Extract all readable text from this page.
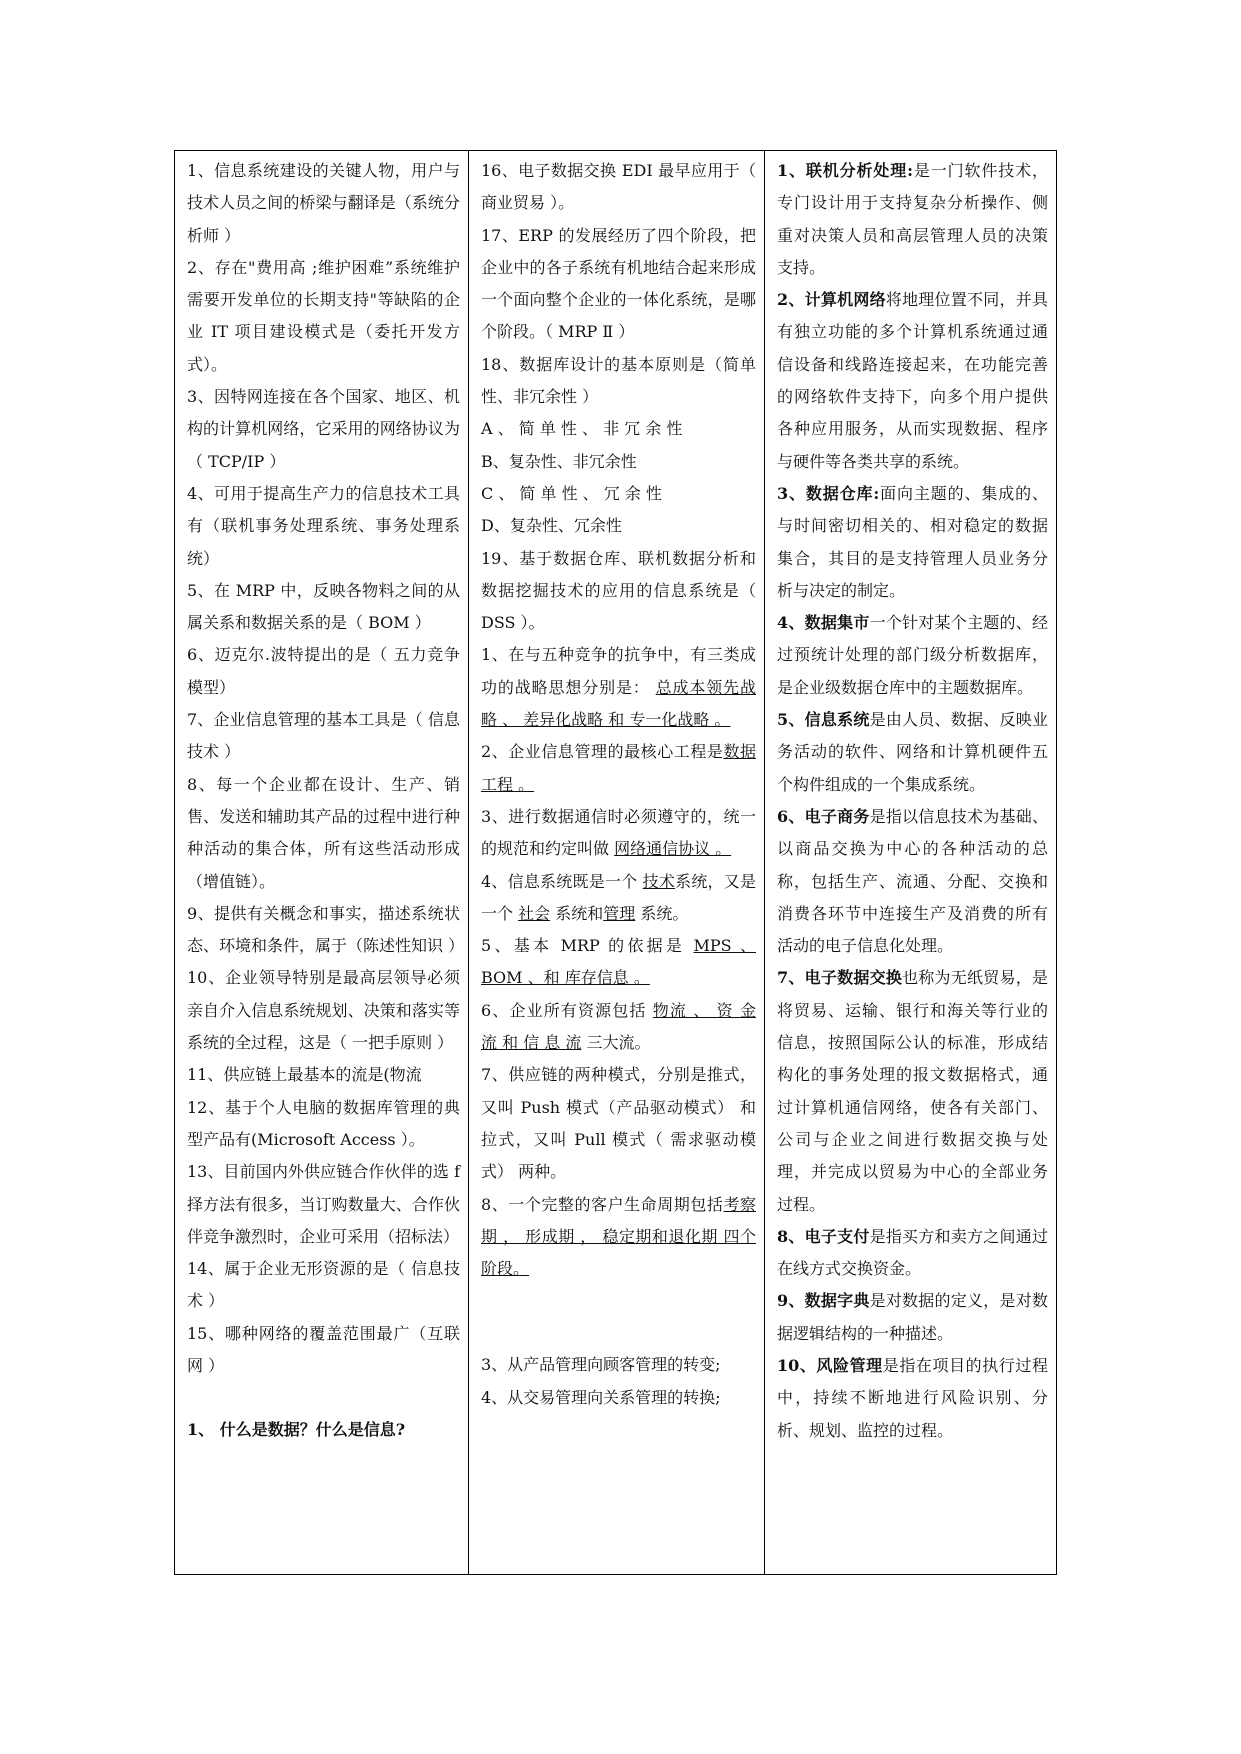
1、信息系统建设的关键人物，用户与技术人员之间的桥梁与翻译是（系统分析师 ）

2、存在"费用高 ;维护困难”系统维护需要开发单位的长期支持"等缺陷的企业 IT 项目建设模式是（委托开发方式）。

3、因特网连接在各个国家、地区、机构的计算机网络，它采用的网络协议为（ TCP/IP ）

4、可用于提高生产力的信息技术工具有（联机事务处理系统、事务处理系统）

5、在 MRP 中，反映各物料之间的从属关系和数据关系的是（ BOM ）

6、迈克尔.波特提出的是（ 五力竞争模型）

7、企业信息管理的基本工具是（ 信息技术 ）

8、每一个企业都在设计、生产、销售、发送和辅助其产品的过程中进行种种活动的集合体，所有这些活动形成（增值链）。

9、提供有关概念和事实，描述系统状态、环境和条件，属于（陈述性知识 ）

10、企业领导特别是最高层领导必须亲自介入信息系统规划、决策和落实等系统的全过程，这是（ 一把手原则 ）

11、供应链上最基本的流是(物流

12、基于个人电脑的数据库管理的典型产品有(Microsoft Access ）。

13、目前国内外供应链合作伙伴的选 f 择方法有很多，当订购数量大、合作伙伴竞争激烈时，企业可采用（招标法）

14、属于企业无形资源的是（ 信息技术 ）

15、哪种网络的覆盖范围最广（互联网 ）

1、 什么是数据？什么是信息?

16、电子数据交换 EDI 最早应用于（ 商业贸易 ）。

17、ERP 的发展经历了四个阶段，把企业中的各子系统有机地结合起来形成一个面向整个企业的一体化系统，是哪个阶段。（ MRP Ⅱ ）

18、数据库设计的基本原则是（简单性、非冗余性 ）

A 、 简 单 性 、 非 冗 余 性

B、复杂性、非冗余性

C 、 简 单 性 、 冗 余 性

D、复杂性、冗余性

19、基于数据仓库、联机数据分析和数据挖掘技术的应用的信息系统是（ DSS ）。

1、在与五种竞争的抗争中，有三类成功的战略思想分别是： 总成本领先战略 、 差异化战略 和 专一化战略 。

2、企业信息管理的最核心工程是数据工程 。

3、进行数据通信时必须遵守的，统一的规范和约定叫做 网络通信协议 。

4、信息系统既是一个 技术系统，又是一个 社会 系统和管理 系统。

5、基本 MRP 的依据是 MPS 、 BOM 、和 库存信息 。

6、企业所有资源包括 物流 、 资 金 流 和 信 息 流 三大流。

7、供应链的两种模式，分别是推式，又叫 Push 模式（产品驱动模式） 和 拉式，又叫 Pull 模式（ 需求驱动模式） 两种。

8、一个完整的客户生命周期包括考察期 ， 形成期 ， 稳定期和退化期 四个阶段。

3、从产品管理向顾客管理的转变;

4、从交易管理向关系管理的转换;

1、联机分析处理:是一门软件技术，专门设计用于支持复杂分析操作、侧重对决策人员和高层管理人员的决策支持。

2、计算机网络将地理位置不同，并具有独立功能的多个计算机系统通过通信设备和线路连接起来，在功能完善的网络软件支持下，向多个用户提供各种应用服务，从而实现数据、程序与硬件等各类共享的系统。

3、数据仓库:面向主题的、集成的、与时间密切相关的、相对稳定的数据集合，其目的是支持管理人员业务分析与决定的制定。

4、数据集市一个针对某个主题的、经过预统计处理的部门级分析数据库，是企业级数据仓库中的主题数据库。

5、信息系统是由人员、数据、反映业务活动的软件、网络和计算机硬件五个构件组成的一个集成系统。

6、电子商务是指以信息技术为基础、以商品交换为中心的各种活动的总称，包括生产、流通、分配、交换和消费各环节中连接生产及消费的所有活动的电子信息化处理。

7、电子数据交换也称为无纸贸易，是将贸易、运输、银行和海关等行业的信息，按照国际公认的标准，形成结构化的事务处理的报文数据格式，通过计算机通信网络，使各有关部门、公司与企业之间进行数据交换与处理，并完成以贸易为中心的全部业务过程。

8、电子支付是指买方和卖方之间通过在线方式交换资金。

9、数据字典是对数据的定义，是对数据逻辑结构的一种描述。

10、风险管理是指在项目的执行过程中，持续不断地进行风险识别、分析、规划、监控的过程。
